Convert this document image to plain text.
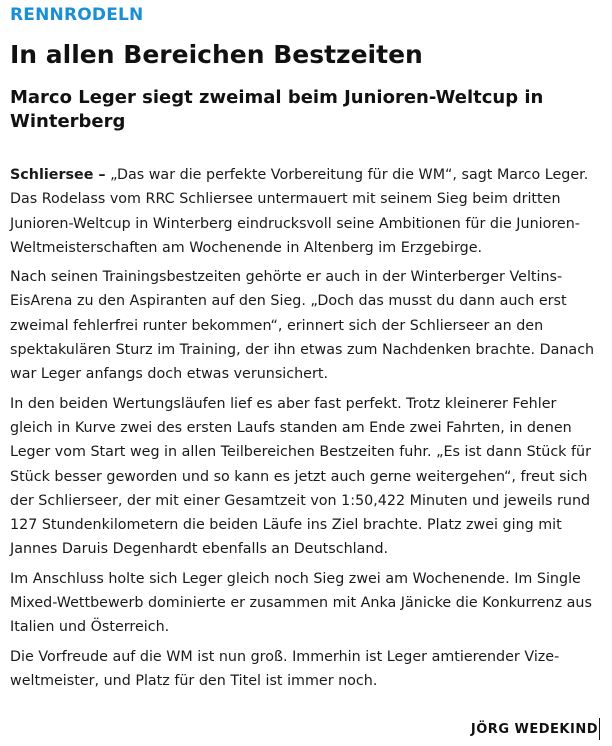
RENNRODELN
In allen Bereichen Bestzeiten
Marco Leger siegt zweimal beim Junioren-Weltcup in Winterberg

Schliersee – „Das war die perfekte Vorbereitung für die WM“, sagt Marco Leger. Das Rodelass vom RRC Schliersee untermauert mit seinem Sieg beim dritten Junioren-Weltcup in Winterberg eindrucksvoll seine Ambitionen für die Junioren-Weltmeisterschaften am Wochenende in Altenberg im Erzgebirge.

Nach seinen Trainingsbestzeiten gehörte er auch in der Winterberger Veltins-EisArena zu den Aspiranten auf den Sieg. „Doch das musst du dann auch erst zweimal fehlerfrei runter bekommen“, erinnert sich der Schlierseer an den spektakulären Sturz im Training, der ihn etwas zum Nachdenken brachte. Danach war Leger anfangs doch etwas verunsichert.

In den beiden Wertungsläufen lief es aber fast perfekt. Trotz kleinerer Fehler gleich in Kurve zwei des ersten Laufs standen am Ende zwei Fahrten, in denen Leger vom Start weg in allen Teilbereichen Bestzeiten fuhr. „Es ist dann Stück für Stück besser geworden und so kann es jetzt auch gerne weitergehen“, freut sich der Schlierseer, der mit einer Gesamtzeit von 1:50,422 Minuten und jeweils rund 127 Stundenkilometern die beiden Läufe ins Ziel brachte. Platz zwei ging mit Jannes Daruis Degenhardt ebenfalls an Deutschland.

Im Anschluss holte sich Leger gleich noch Sieg zwei am Wochenende. Im Single Mixed-Wettbewerb dominierte er zusammen mit Anka Jänicke die Konkurrenz aus Italien und Österreich.

Die Vorfreude auf die WM ist nun groß. Immerhin ist Leger amtierender Vizeweltmeister, und Platz für den Titel ist immer noch.

JÖRG WEDEKIND
